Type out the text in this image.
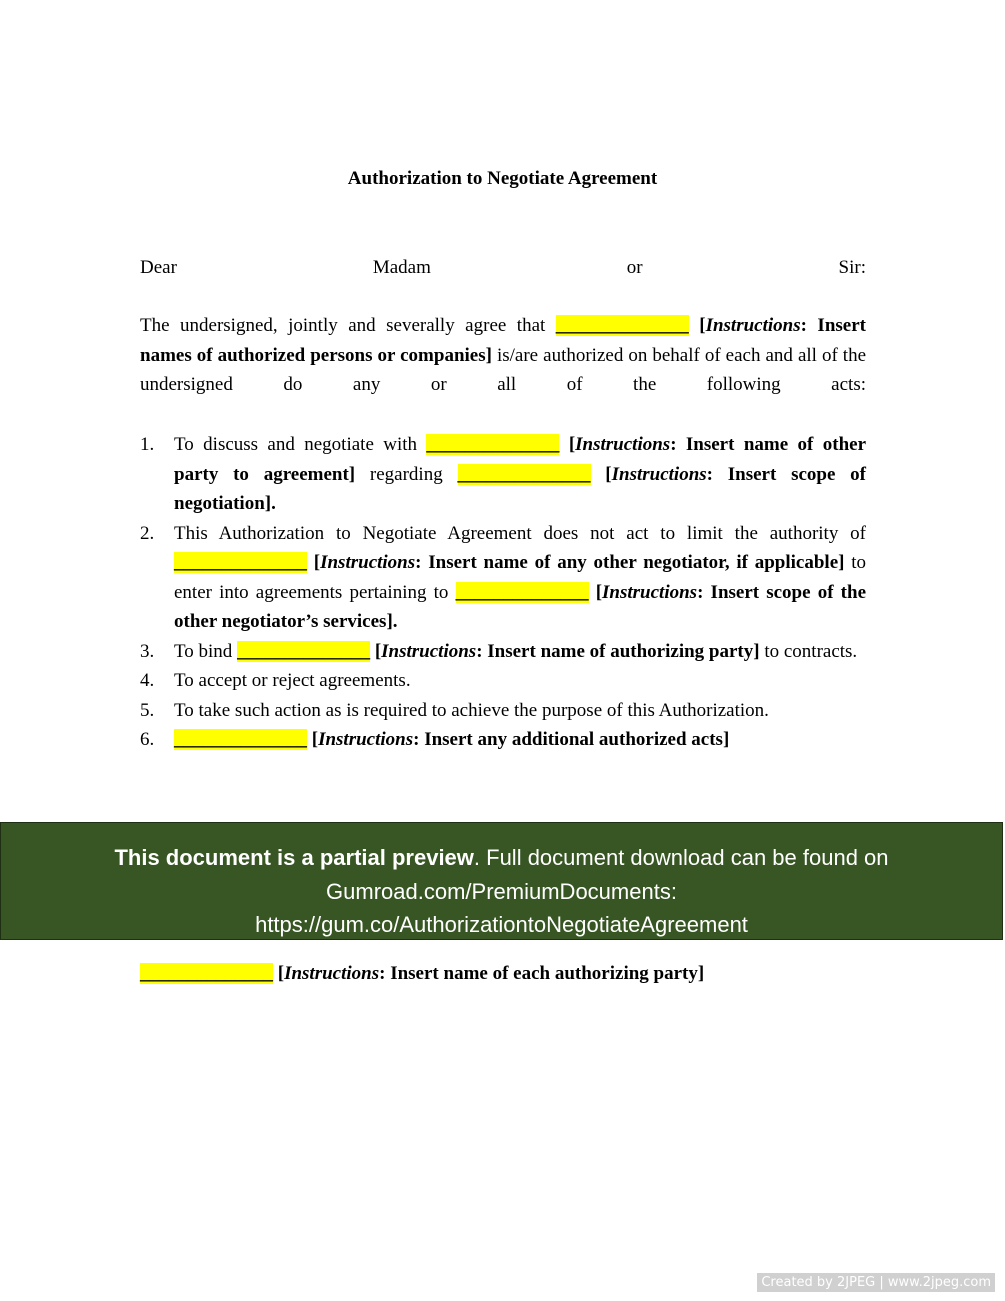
Authorization to Negotiate Agreement
Dear	Madam	or	Sir:
The undersigned, jointly and severally agree that ______________ [Instructions: Insert names of authorized persons or companies] is/are authorized on behalf of each and all of the undersigned do any or all of the following acts:
1. To discuss and negotiate with ______________ [Instructions: Insert name of other party to agreement] regarding ______________ [Instructions: Insert scope of negotiation].
2. This Authorization to Negotiate Agreement does not act to limit the authority of ______________ [Instructions: Insert name of any other negotiator, if applicable] to enter into agreements pertaining to ______________ [Instructions: Insert scope of the other negotiator’s services].
3. To bind ______________ [Instructions: Insert name of authorizing party] to contracts.
4. To accept or reject agreements.
5. To take such action as is required to achieve the purpose of this Authorization.
6. ______________ [Instructions: Insert any additional authorized acts]
This document is a partial preview. Full document download can be found on
Gumroad.com/PremiumDocuments:
https://gum.co/AuthorizationtoNegotiateAgreement
______________ [Instructions: Insert name of each authorizing party]
Created by 2JPEG | www.2jpeg.com
